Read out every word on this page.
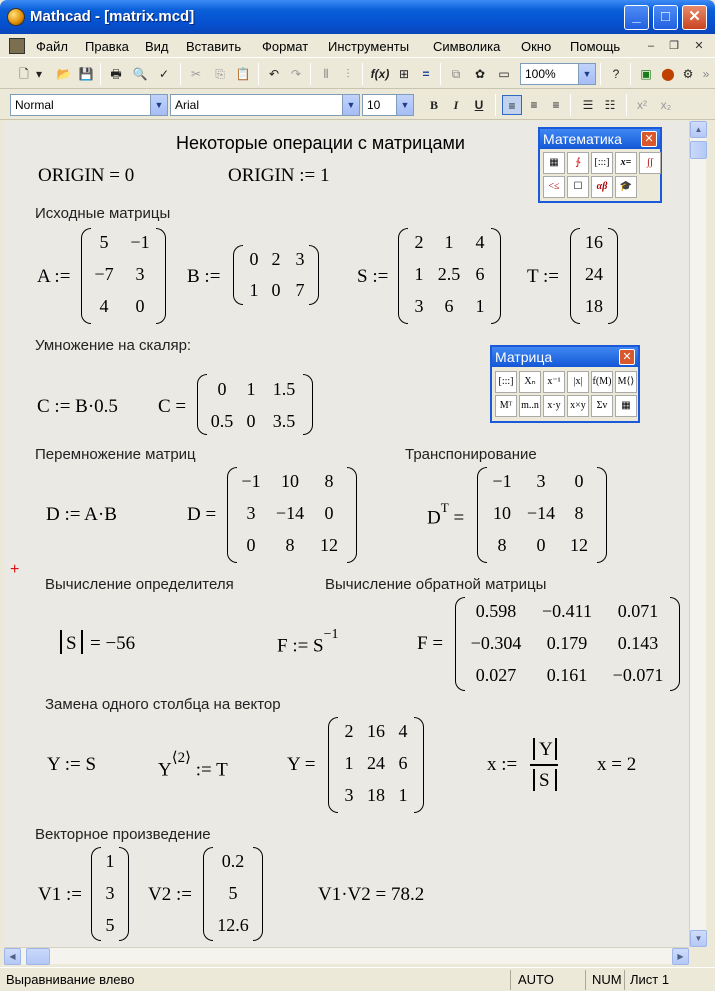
Mathcad - [matrix.mcd]	_	□	✕
Файл Правка Вид Вставить Формат Инструменты Символика Окно Помощь	–	❐ ✕
🗋 ▾ 📂 💾	🖶 🔍 ✓	✂	⎘ 📋	↶ ↷	⫴	⫶	f(x) ⊞	=	⧉	✿	▭	100%	▼	?	▣ ⬤ ⚙ »
Normal	▼ Arial	▼ 10	▼	B	I	U	≡	≡	≡	☰ ☷	x²	x₂
Некоторые операции с матрицами
ORIGIN = 0	ORIGIN := 1
Исходные матрицы
A :=
5	−1
−7	3
4	0
B :=
0 2 3
1 0 7
S :=
2	1	4
1 2.5 6
3	6	1
T :=
16
24
18
Умножение на скаляр:
C := B·0.5 C =
0	1 1.5
0.5 0 3.5
Перемножение матриц	Транспонирование
D := A·B	D =
−1	10	8
3	−14	0
0	8	12
$D^T$ =
−1	3	0
10 −14	8
8	0	12
+
Вычисление определителя	Вычисление обратной матрицы
S = −56	F := $S^{-1}$	F =
0.598	−0.411	0.071
−0.304	0.179	0.143
0.027	0.161	−0.071
Замена одного столбца на вектор
Y := S	$Y^{⟨2⟩}$ := T	Y =
2 16 4
1 24 6
3 18 1
x :=
Y
S
x = 2
Векторное произведение
V1 :=
1
3
5
V2 :=
0.2
5
12.6
V1·V2 = 78.2
Математика	✕
▦	∱	[:::]	x=	∫ʃ
<≤	☐	αβ	🎓
Матрица	✕
[:::]	Xₙ	x⁻¹	|x|	f(M) M⟨⟩
Mᵀ m..n x·y x×y	Σv	▦
▲
▼
◀	▶
Выравнивание влево	AUTO	NUM Лист 1
